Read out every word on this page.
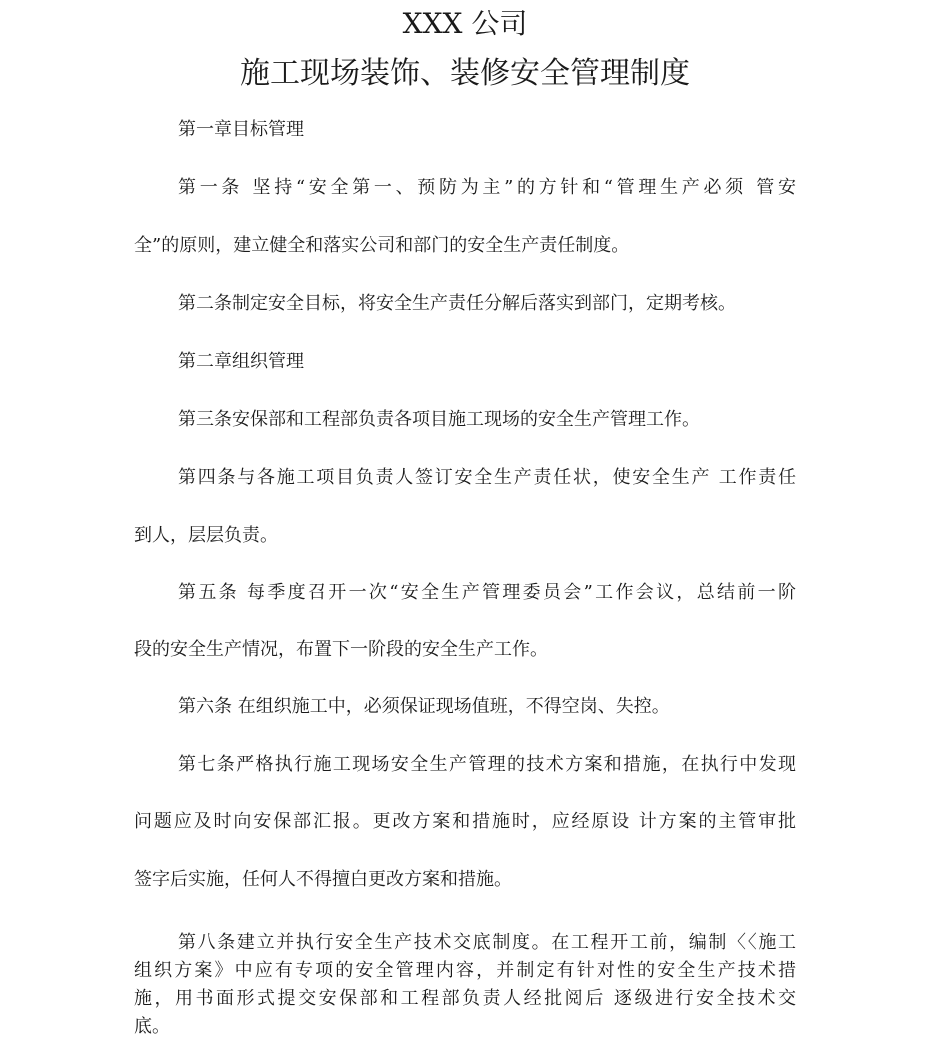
XXX 公司
施工现场装饰、装修安全管理制度

第一章目标管理

第一条 坚持“安全第一、预防为主”的方针和“管理生产必须 管安

全”的原则，建立健全和落实公司和部门的安全生产责任制度。

第二条制定安全目标，将安全生产责任分解后落实到部门，定期考核。

第二章组织管理

第三条安保部和工程部负责各项目施工现场的安全生产管理工作。

第四条与各施工项目负责人签订安全生产责任状，使安全生产 工作责任

到人，层层负责。

第五条 每季度召开一次“安全生产管理委员会”工作会议，总结前一阶

段的安全生产情况，布置下一阶段的安全生产工作。

第六条 在组织施工中，必须保证现场值班，不得空岗、失控。

第七条严格执行施工现场安全生产管理的技术方案和措施，在执行中发现

问题应及时向安保部汇报。更改方案和措施时，应经原设 计方案的主管审批

签字后实施，任何人不得擅白更改方案和措施。

第八条建立并执行安全生产技术交底制度。在工程开工前，编制〈〈施工

组织方案》中应有专项的安全管理内容，并制定有针对性的安全生产技术措

施，用书面形式提交安保部和工程部负责人经批阅后 逐级进行安全技术交

底。
